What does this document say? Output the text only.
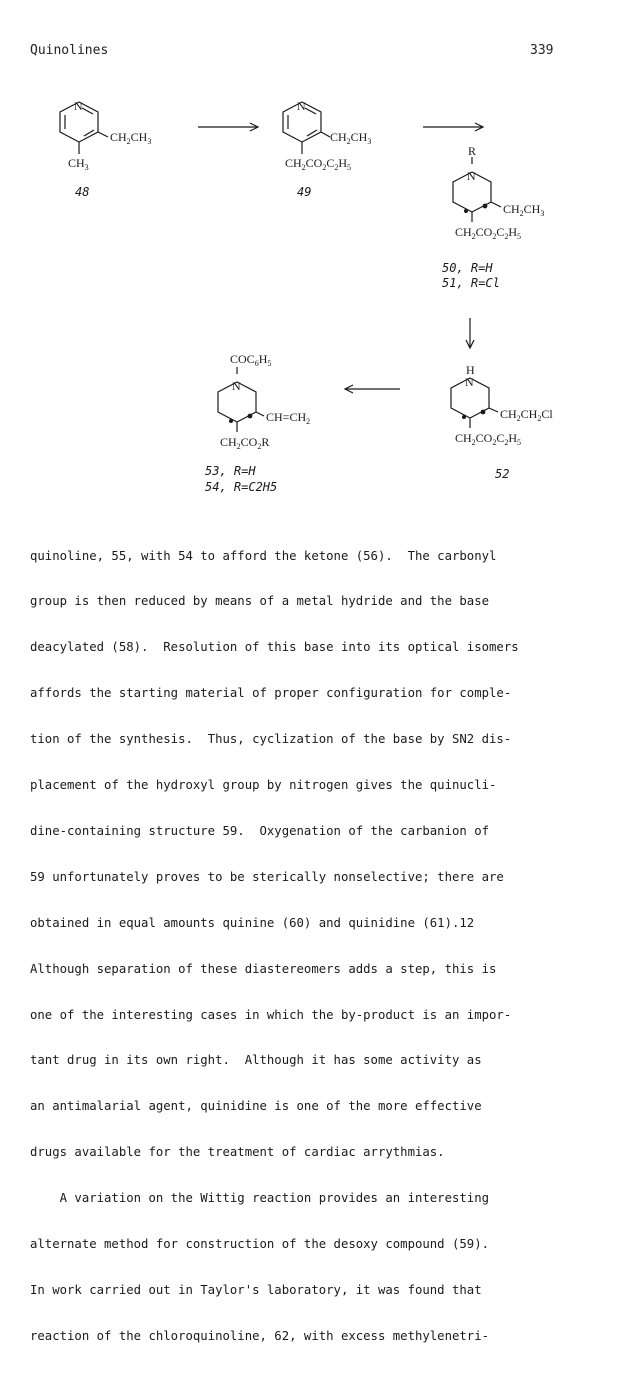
Quinolines	339
N	N
N
N
N
$CH_2CH_3$
$CH_3$
48
$CH_2CH_3$
$CH_2CO_2C_2H_5$
49
R
$CH_2CH_3$
$CH_2CO_2C_2H_5$
50, R=H
51, R=Cl
H
$CH_2CH_2Cl$
$CH_2CO_2C_2H_5$
52
$COC_6H_5$
$CH=CH_2$
$CH_2CO_2R$
53, R=H
54, R=C2H5

quinoline, 55, with 54 to afford the ketone (56).  The carbonyl

group is then reduced by means of a metal hydride and the base

deacylated (58).  Resolution of this base into its optical isomers

affords the starting material of proper configuration for comple-

tion of the synthesis.  Thus, cyclization of the base by SN2 dis-

placement of the hydroxyl group by nitrogen gives the quinucli-

dine-containing structure 59.  Oxygenation of the carbanion of

59 unfortunately proves to be sterically nonselective; there are

obtained in equal amounts quinine (60) and quinidine (61).12

Although separation of these diastereomers adds a step, this is

one of the interesting cases in which the by-product is an impor-

tant drug in its own right.  Although it has some activity as

an antimalarial agent, quinidine is one of the more effective

drugs available for the treatment of cardiac arrythmias.

A variation on the Wittig reaction provides an interesting

alternate method for construction of the desoxy compound (59).

In work carried out in Taylor's laboratory, it was found that

reaction of the chloroquinoline, 62, with excess methylenetri-
